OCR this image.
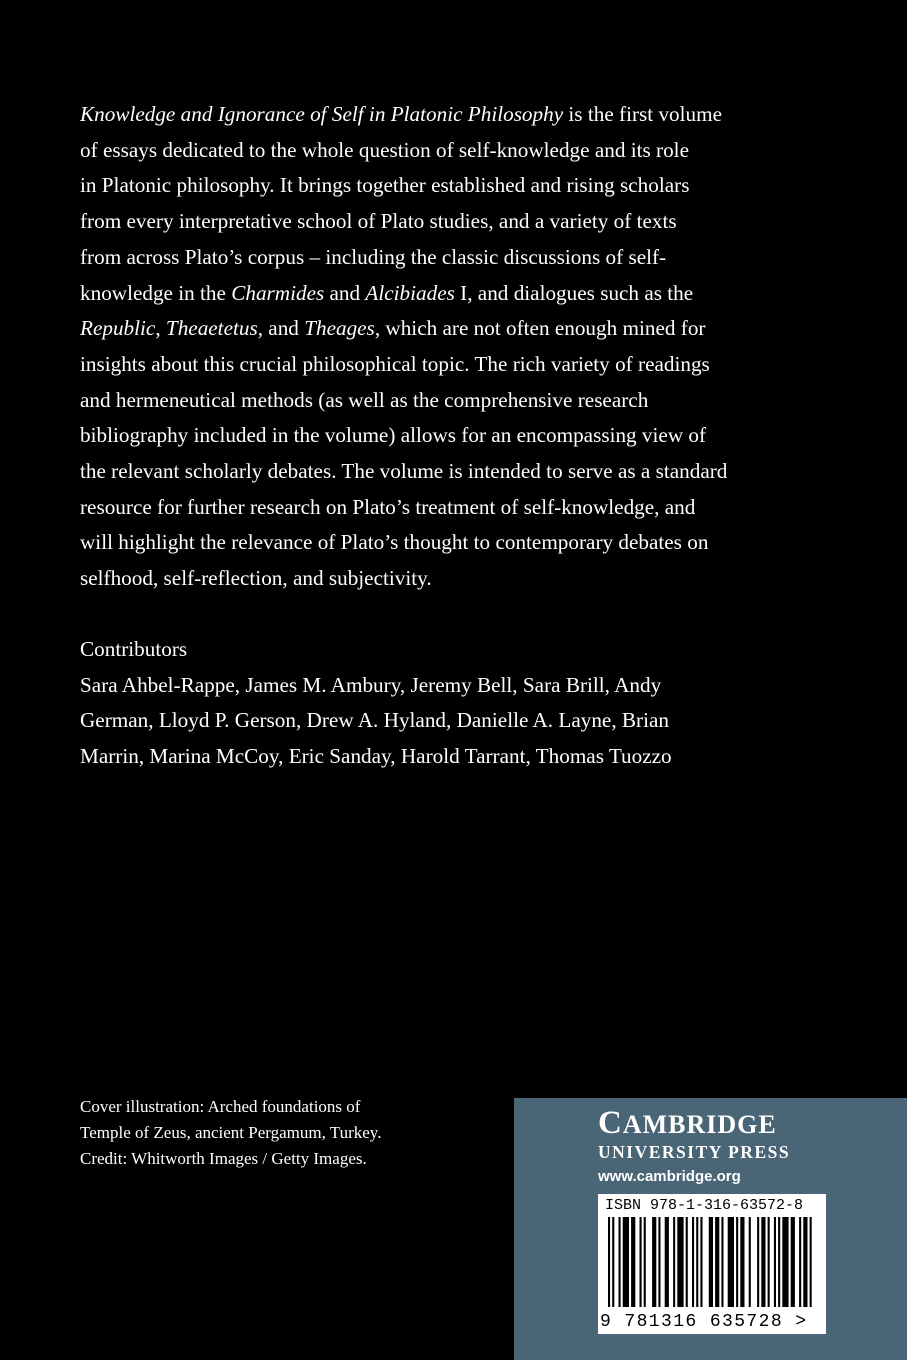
Knowledge and Ignorance of Self in Platonic Philosophy is the first volume
of essays dedicated to the whole question of self-knowledge and its role
in Platonic philosophy. It brings together established and rising scholars
from every interpretative school of Plato studies, and a variety of texts
from across Plato’s corpus – including the classic discussions of self-
knowledge in the Charmides and Alcibiades I, and dialogues such as the
Republic, Theaetetus, and Theages, which are not often enough mined for
insights about this crucial philosophical topic. The rich variety of readings
and hermeneutical methods (as well as the comprehensive research
bibliography included in the volume) allows for an encompassing view of
the relevant scholarly debates. The volume is intended to serve as a standard
resource for further research on Plato’s treatment of self-knowledge, and
will highlight the relevance of Plato’s thought to contemporary debates on
selfhood, self-reflection, and subjectivity.
Contributors
Sara Ahbel-Rappe, James M. Ambury, Jeremy Bell, Sara Brill, Andy
German, Lloyd P. Gerson, Drew A. Hyland, Danielle A. Layne, Brian
Marrin, Marina McCoy, Eric Sanday, Harold Tarrant, Thomas Tuozzo
Cover illustration: Arched foundations of
Temple of Zeus, ancient Pergamum, Turkey.
Credit: Whitworth Images / Getty Images.
CAMBRIDGE
UNIVERSITY PRESS
www.cambridge.org
ISBN 978-1-316-63572-8
9 781316 635728 >
